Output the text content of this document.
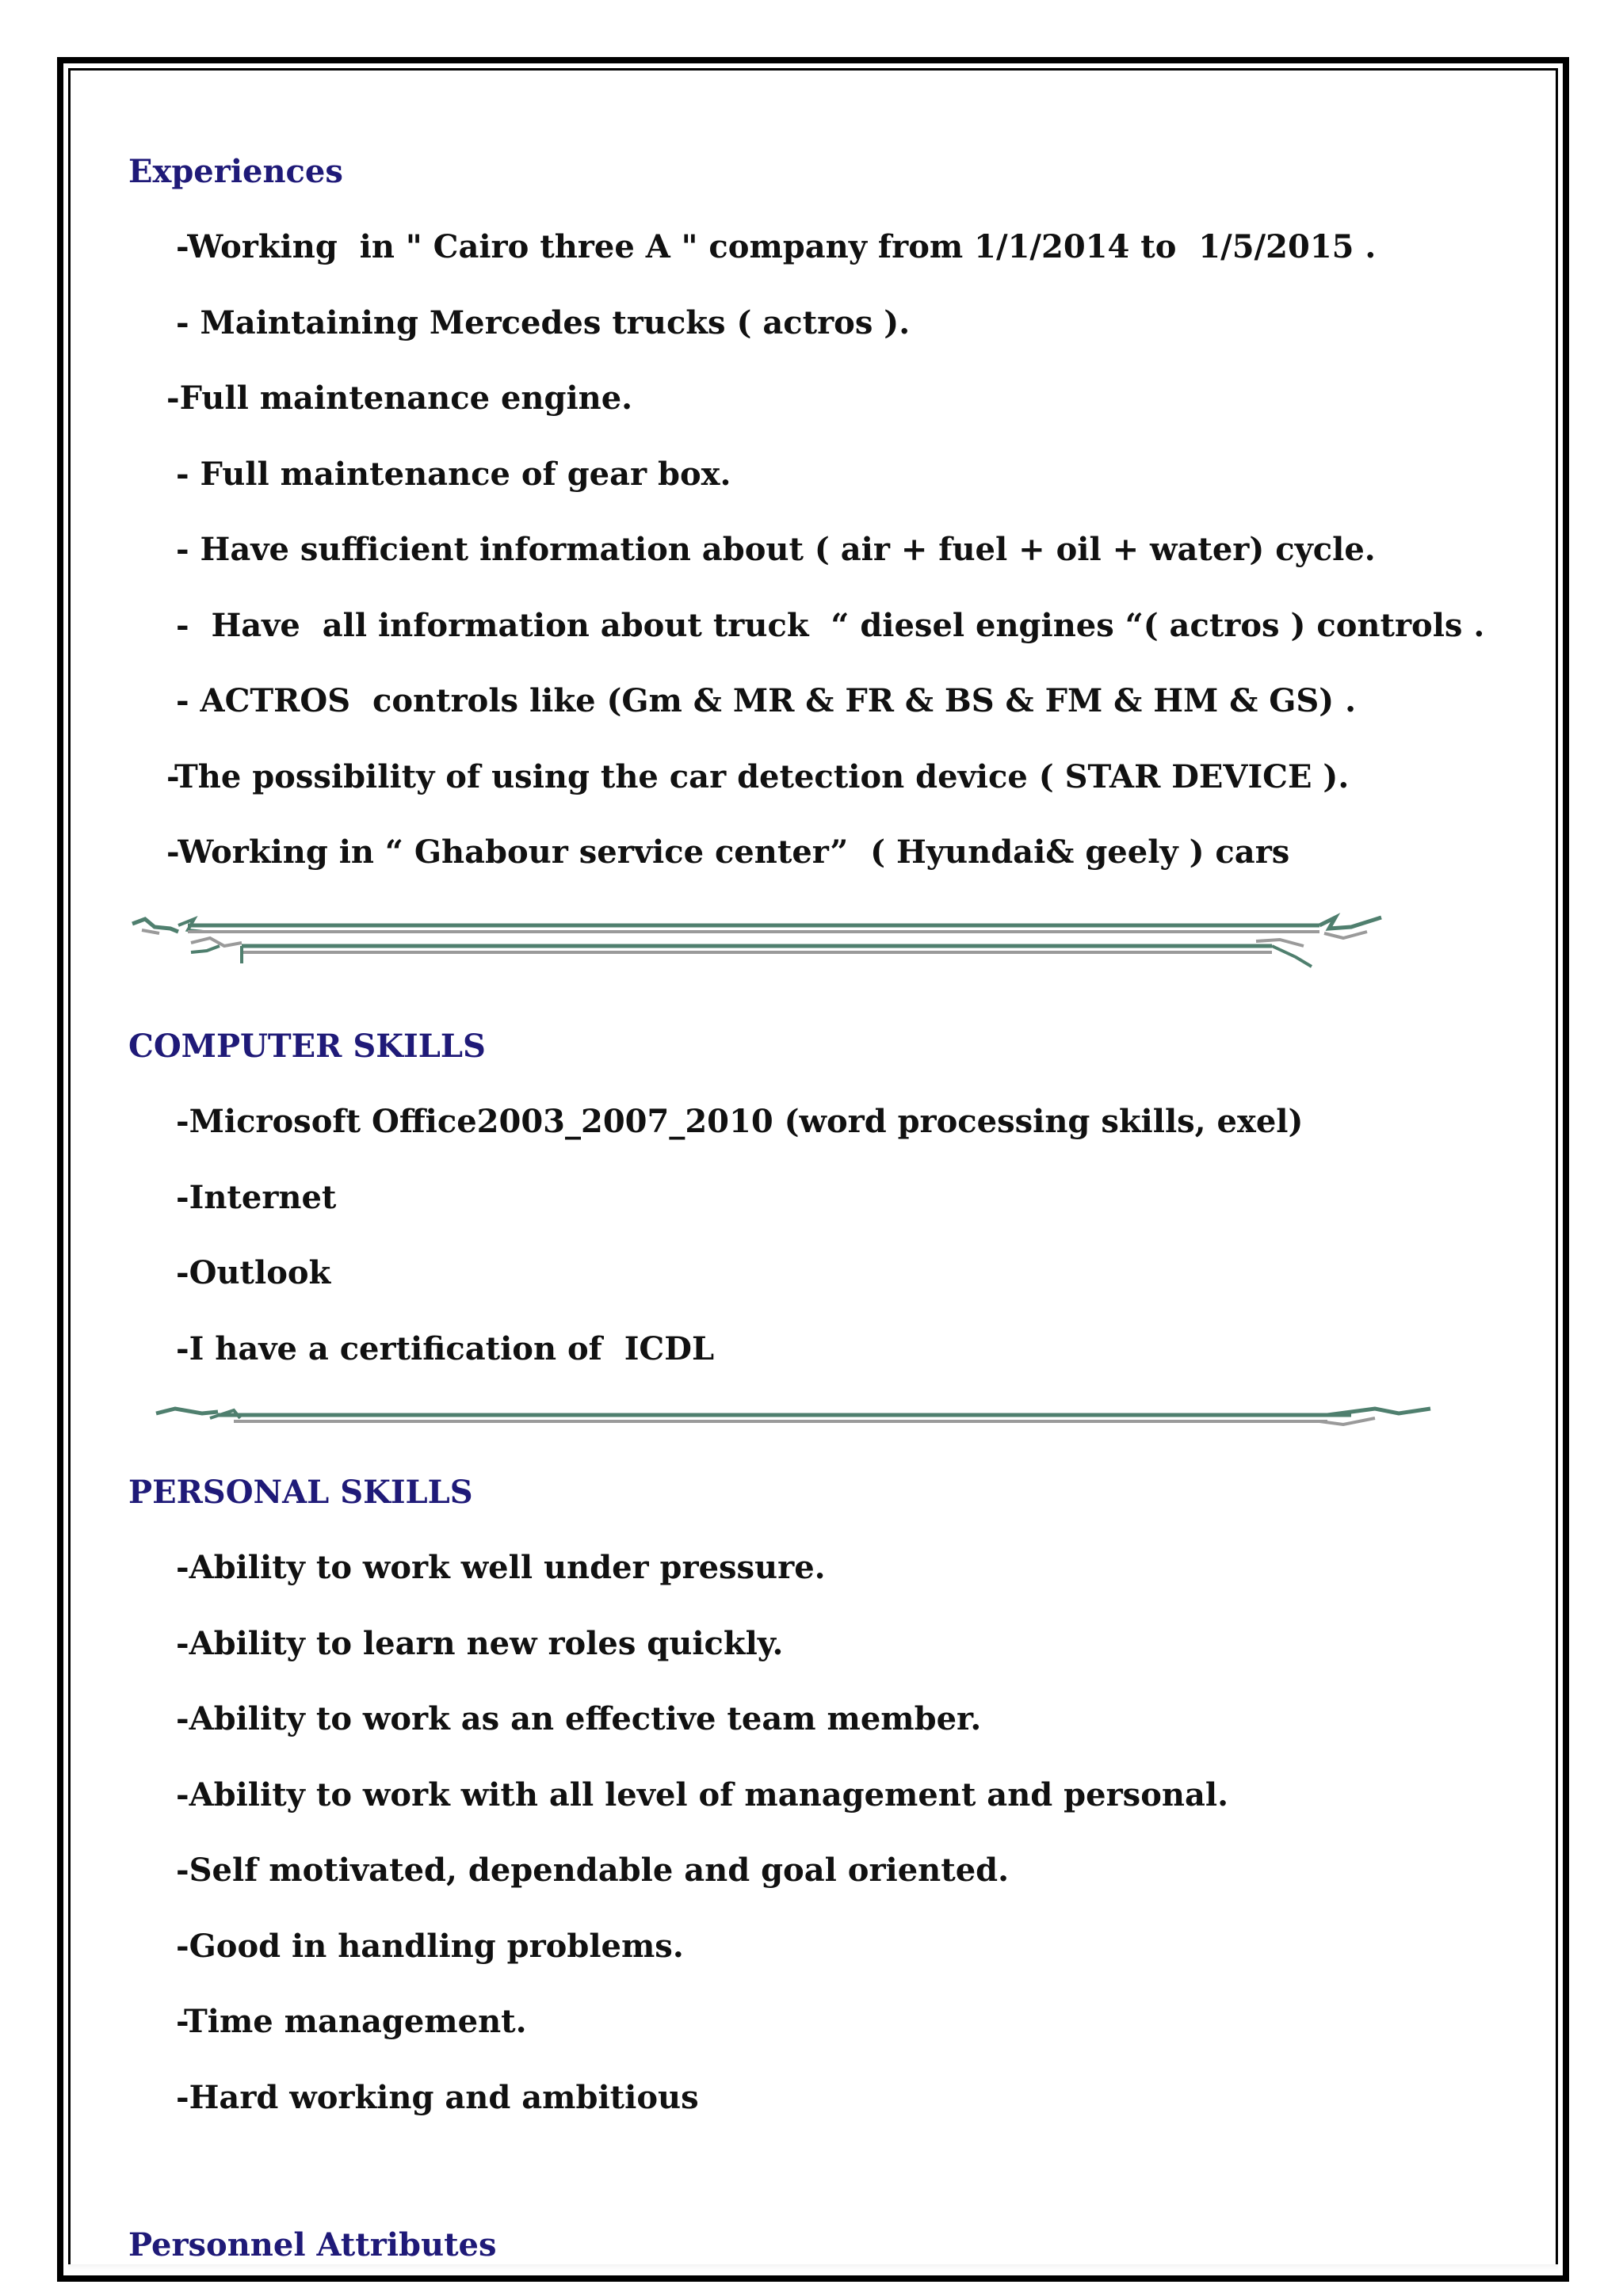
Experiences
-Working  in " Cairo three A " company from 1/1/2014 to  1/5/2015 .
- Maintaining Mercedes trucks ( actros ).
-Full maintenance engine.
- Full maintenance of gear box.
- Have sufficient information about ( air + fuel + oil + water) cycle.
-  Have  all information about truck  “ diesel engines “( actros ) controls .
- ACTROS  controls like (Gm & MR & FR & BS & FM & HM & GS) .
-The possibility of using the car detection device ( STAR DEVICE ).
-Working in “ Ghabour service center”  ( Hyundai& geely ) cars
COMPUTER SKILLS
-Microsoft Office2003_2007_2010 (word processing skills, exel)
-Internet
-Outlook
-I have a certification of  ICDL
PERSONAL SKILLS
-Ability to work well under pressure.
-Ability to learn new roles quickly.
-Ability to work as an effective team member.
-Ability to work with all level of management and personal.
-Self motivated, dependable and goal oriented.
-Good in handling problems.
-Time management.
-Hard working and ambitious
Personnel Attributes
